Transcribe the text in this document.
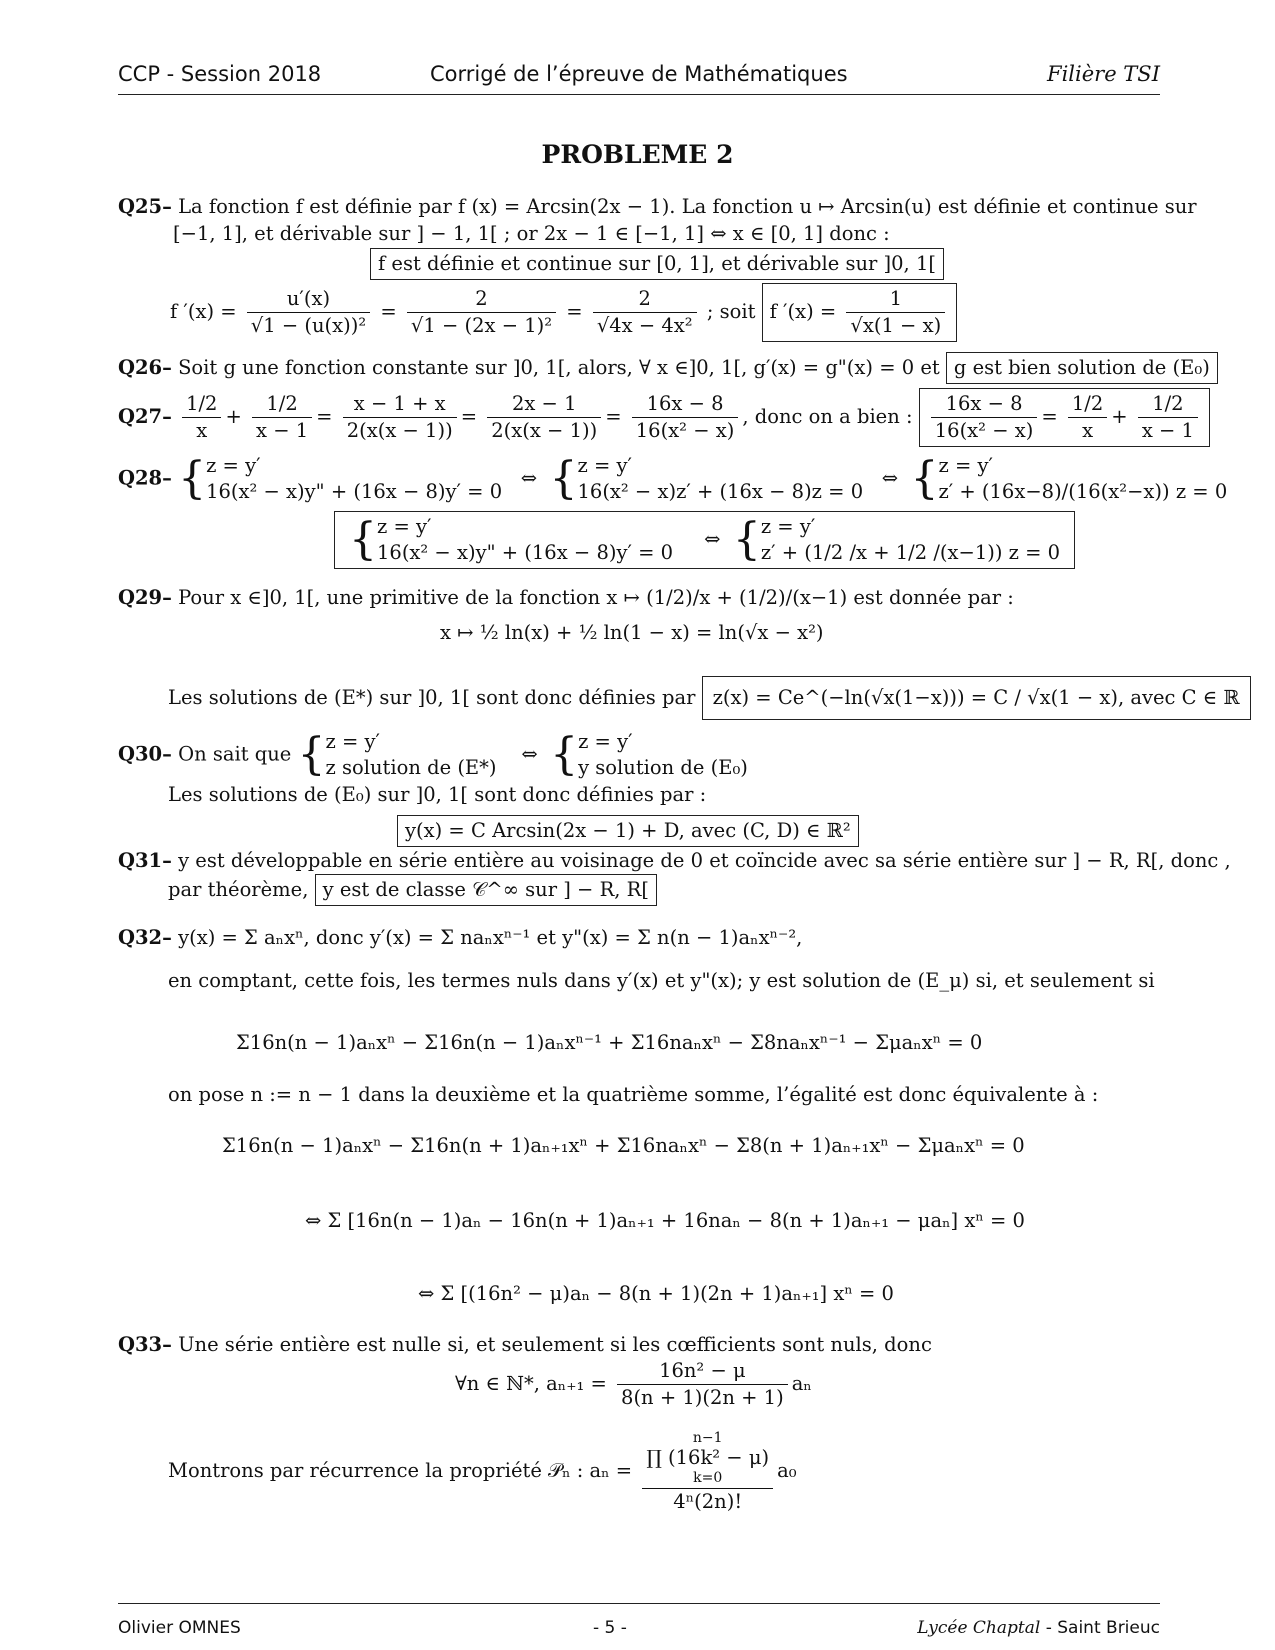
CCP - Session 2018	Corrigé de l’épreuve de Mathématiques	Filière TSI
PROBLEME 2
Q25– La fonction f est définie par f (x) = Arcsin(2x − 1). La fonction u ↦ Arcsin(u) est définie et continue sur
[−1, 1], et dérivable sur ] − 1, 1[ ; or 2x − 1 ∈ [−1, 1] ⇔ x ∈ [0, 1] donc :
f est définie et continue sur [0, 1], et dérivable sur ]0, 1[
f $'(x) = \frac{u'(x)}{\text{√1 − (u(x))²}} = \frac{2}{\text{√1 − (2x − 1)²}} = \frac{2}{\text{√4x − 4x²}}$ ; soit f $'(x) = \frac{1}{√x(1 - x)}$
Q26– Soit g une fonction constante sur ]0, 1[, alors, ∀ x ∈]0, 1[, g′(x) = g"(x) = 0 et g est bien solution de (E₀)
$Q27- \frac{1/2}{x} + \frac{1/2}{x - 1} = \frac{x - 1 + x}{2(x(x - 1))} = \frac{2x - 1}{2(x(x - 1))} = \frac{16x - 8}{\text{16(x² − x)}}$ , donc on a bien : $\frac{16x - 8}{\text{16(x² − x)}} = \frac{1/2}{x} + \frac{1/2}{x - 1}$
Q28– {z = y′
16(x² − x)y" + (16x − 8)y′ = 0   ⇔ {z = y′
16(x² − x)z′ + (16x − 8)z = 0   ⇔ {z = y′
z′ + (16x−8)/(16(x²−x)) z = 0
{z = y′
16(x² − x)y" + (16x − 8)y′ = 0     ⇔ {z = y′
z′ + (1/2 /x + 1/2 /(x−1)) z = 0
Q29– Pour x ∈]0, 1[, une primitive de la fonction x ↦ (1/2)/x + (1/2)/(x−1) est donnée par :
x ↦ ½ ln(x) + ½ ln(1 − x) = ln(√x − x²)
Les solutions de (E*) sur ]0, 1[ sont donc définies par z(x) = Ce^(−ln(√x(1−x))) = C / √x(1 − x), avec C ∈ ℝ
Q30– On sait que {z = y′
z solution de (E*)    ⇔  {z = y′
y solution de (E₀)
Les solutions de (E₀) sur ]0, 1[ sont donc définies par :
y(x) = C Arcsin(2x − 1) + D, avec (C, D) ∈ ℝ²
Q31– y est développable en série entière au voisinage de 0 et coïncide avec sa série entière sur ] − R, R[, donc ,
par théorème, y est de classe 𝒞^∞ sur ] − R, R[
Q32– y(x) = Σ aₙxⁿ, donc y′(x) = Σ naₙxⁿ⁻¹ et y"(x) = Σ n(n − 1)aₙxⁿ⁻²,
en comptant, cette fois, les termes nuls dans y′(x) et y"(x); y est solution de (E_μ) si, et seulement si
Σ16n(n − 1)aₙxⁿ − Σ16n(n − 1)aₙxⁿ⁻¹ + Σ16naₙxⁿ − Σ8naₙxⁿ⁻¹ − Σμaₙxⁿ = 0
on pose n := n − 1 dans la deuxième et la quatrième somme, l’égalité est donc équivalente à :
Σ16n(n − 1)aₙxⁿ − Σ16n(n + 1)aₙ₊₁xⁿ + Σ16naₙxⁿ − Σ8(n + 1)aₙ₊₁xⁿ − Σμaₙxⁿ = 0
⇔ Σ [16n(n − 1)aₙ − 16n(n + 1)aₙ₊₁ + 16naₙ − 8(n + 1)aₙ₊₁ − μaₙ] xⁿ = 0
⇔ Σ [(16n² − μ)aₙ − 8(n + 1)(2n + 1)aₙ₊₁] xⁿ = 0
Q33– Une série entière est nulle si, et seulement si les cœfficients sont nuls, donc
∀n ∈ ℕ*, $a_{n+1} = \frac{\text{16n² − μ}}{8(n + 1)(2n + 1)}$ aₙ
Montrons par récurrence la propriété 𝒫ₙ : aₙ = n−1
∏ (16k² − μ)
k=0
4ⁿ(2n)! a₀
Olivier OMNES	- 5 -	Lycée Chaptal - Saint Brieuc
